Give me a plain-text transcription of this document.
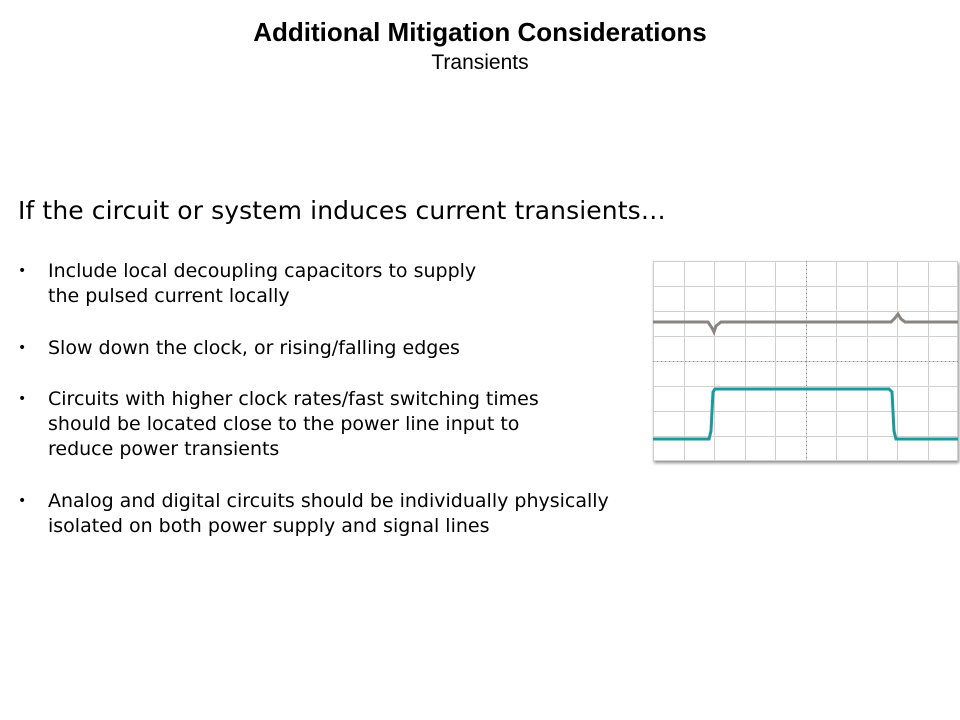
Additional Mitigation Considerations
Transients
If the circuit or system induces current transients…
• Include local decoupling capacitors to supply
the pulsed current locally
• Slow down the clock, or rising/falling edges
• Circuits with higher clock rates/fast switching times
should be located close to the power line input to
reduce power transients
• Analog and digital circuits should be individually physically
isolated on both power supply and signal lines
